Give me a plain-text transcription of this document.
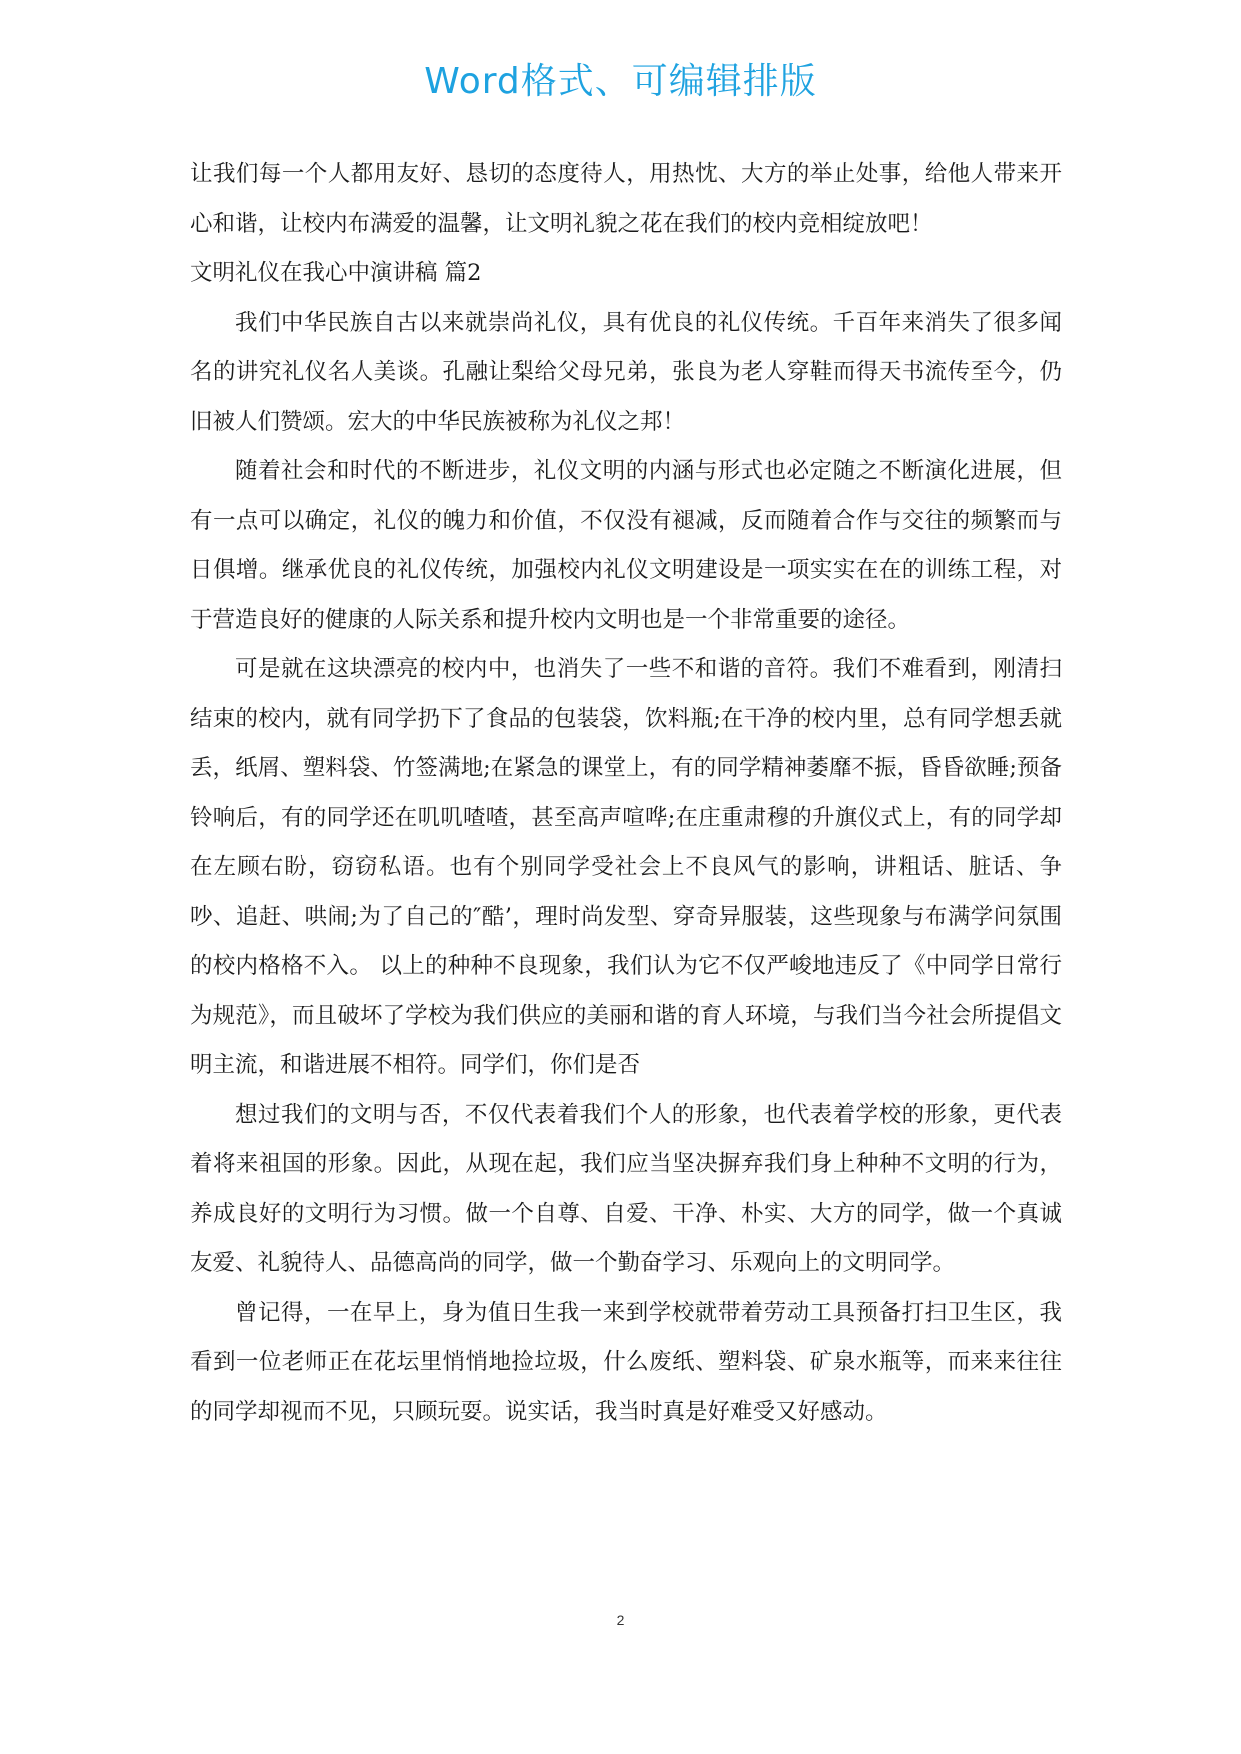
Word格式、可编辑排版

让我们每一个人都用友好、恳切的态度待人，用热忱、大方的举止处事，给他人带来开心和谐，让校内布满爱的温馨，让文明礼貌之花在我们的校内竞相绽放吧！

文明礼仪在我心中演讲稿 篇2

我们中华民族自古以来就崇尚礼仪，具有优良的礼仪传统。千百年来消失了很多闻名的讲究礼仪名人美谈。孔融让梨给父母兄弟，张良为老人穿鞋而得天书流传至今，仍旧被人们赞颂。宏大的中华民族被称为礼仪之邦！

随着社会和时代的不断进步，礼仪文明的内涵与形式也必定随之不断演化进展，但有一点可以确定，礼仪的魄力和价值，不仅没有褪减，反而随着合作与交往的频繁而与日俱增。继承优良的礼仪传统，加强校内礼仪文明建设是一项实实在在的训练工程，对于营造良好的健康的人际关系和提升校内文明也是一个非常重要的途径。

可是就在这块漂亮的校内中，也消失了一些不和谐的音符。我们不难看到，刚清扫结束的校内，就有同学扔下了食品的包装袋，饮料瓶;在干净的校内里，总有同学想丢就丢，纸屑、塑料袋、竹签满地;在紧急的课堂上，有的同学精神萎靡不振，昏昏欲睡;预备铃响后，有的同学还在叽叽喳喳，甚至高声喧哗;在庄重肃穆的升旗仪式上，有的同学却在左顾右盼，窃窃私语。也有个别同学受社会上不良风气的影响，讲粗话、脏话、争吵、追赶、哄闹;为了自己的″酷’，理时尚发型、穿奇异服装，这些现象与布满学问氛围的校内格格不入。 以上的种种不良现象，我们认为它不仅严峻地违反了《中同学日常行为规范》，而且破坏了学校为我们供应的美丽和谐的育人环境，与我们当今社会所提倡文明主流，和谐进展不相符。同学们，你们是否

想过我们的文明与否，不仅代表着我们个人的形象，也代表着学校的形象，更代表着将来祖国的形象。因此，从现在起，我们应当坚决摒弃我们身上种种不文明的行为，养成良好的文明行为习惯。做一个自尊、自爱、干净、朴实、大方的同学，做一个真诚友爱、礼貌待人、品德高尚的同学，做一个勤奋学习、乐观向上的文明同学。

曾记得，一在早上，身为值日生我一来到学校就带着劳动工具预备打扫卫生区，我看到一位老师正在花坛里悄悄地捡垃圾，什么废纸、塑料袋、矿泉水瓶等，而来来往往的同学却视而不见，只顾玩耍。说实话，我当时真是好难受又好感动。

2
